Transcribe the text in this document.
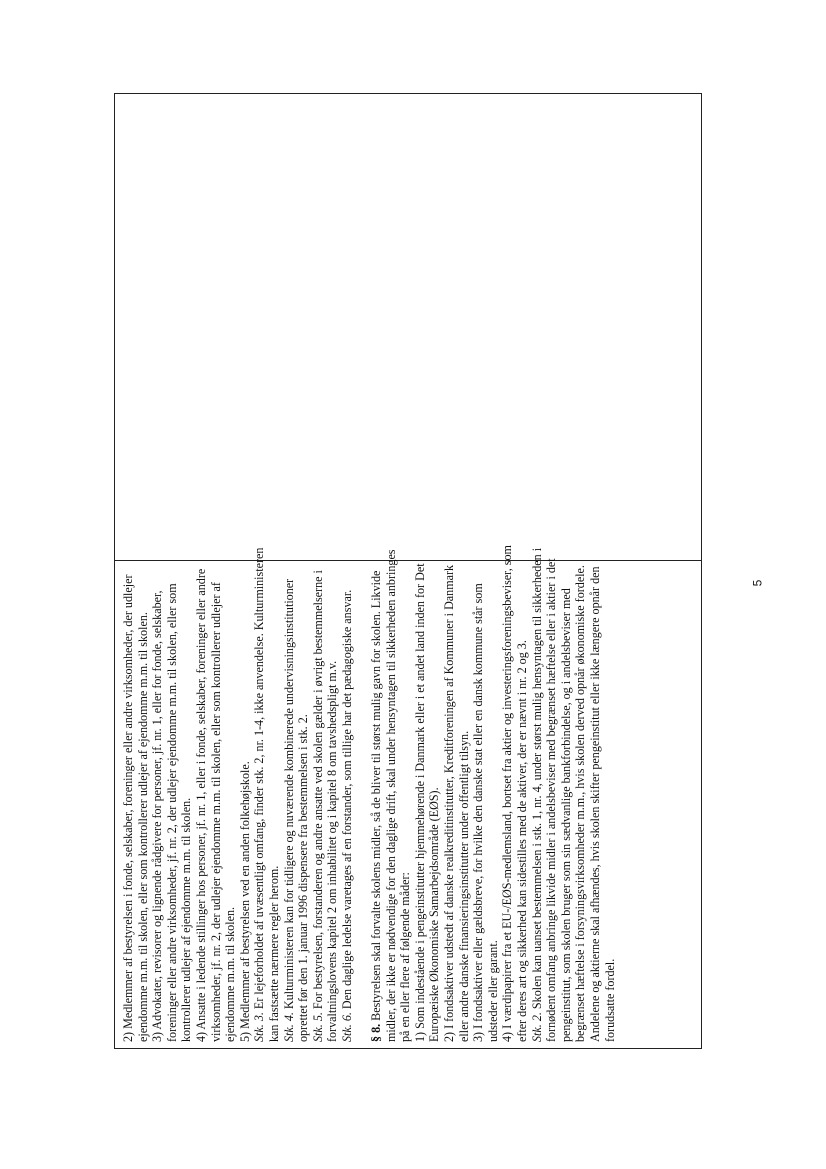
2) Medlemmer af bestyrelsen i fonde, selskaber, foreninger eller andre virksomheder, der udlejer ejendomme m.m. til skolen, eller som kontrollerer udlejer af ejendomme m.m. til skolen. 3) Advokater, revisorer og lignende rådgivere for personer, jf. nr. 1, eller for fonde, selskaber, foreninger eller andre virksomheder, jf. nr. 2, der udlejer ejendomme m.m. til skolen, eller som kontrollerer udlejer af ejendomme m.m. til skolen. 4) Ansatte i ledende stillinger hos personer, jf. nr. 1, eller i fonde, selskaber, foreninger eller andre virksomheder, jf. nr. 2, der udlejer ejendomme m.m. til skolen, eller som kontrollerer udlejer af ejendomme m.m. til skolen. 5) Medlemmer af bestyrelsen ved en anden folkehøjskole. Stk. 3. Er lejeforholdet af uvæsentligt omfang, finder stk. 2, nr. 1-4, ikke anvendelse. Kulturministeren kan fastsætte nærmere regler herom. Stk. 4. Kulturministeren kan for tidligere og nuværende kombinerede undervisningsinstitutioner oprettet før den 1. januar 1996 dispensere fra bestemmelsen i stk. 2. Stk. 5. For bestyrelsen, forstanderen og andre ansatte ved skolen gælder i øvrigt bestemmelserne i forvaltningslovens kapitel 2 om inhabilitet og i kapitel 8 om tavshedspligt m.v. Stk. 6. Den daglige ledelse varetages af en forstander, som tillige har det pædagogiske ansvar.

§ 8. Bestyrelsen skal forvalte skolens midler, så de bliver til størst mulig gavn for skolen. Likvide midler, der ikke er nødvendige for den daglige drift, skal under hensyntagen til sikkerheden anbringes på en eller flere af følgende måder: 1) Som indestående i pengeinstitutter hjemmehørende i Danmark eller i et andet land inden for Det Europæiske Økonomiske Samarbejdsområde (EØS). 2) I fondsaktiver udstedt af danske realkreditinstitutter, Kreditforeningen af Kommuner i Danmark eller andre danske finansieringsinstitutter under offentligt tilsyn. 3) I fondsaktiver eller gældsbreve, for hvilke den danske stat eller en dansk kommune står som udsteder eller garant. 4) I værdipapirer fra et EU-/EØS-medlemsland, bortset fra aktier og investeringsforeningsbeviser, som efter deres art og sikkerhed kan sidestilles med de aktiver, der er nævnt i nr. 2 og 3. Stk. 2. Skolen kan uanset bestemmelsen i stk. 1, nr. 4, under størst mulig hensyntagen til sikkerheden i fornødent omfang anbringe likvide midler i andelsbeviser med begrænset hæftelse eller i aktier i det pengeinstitut, som skolen bruger som sin sædvanlige bankforbindelse, og i andelsbeviser med begrænset hæftelse i forsyningsvirksomheder m.m., hvis skolen derved opnår økonomiske fordele. Andelene og aktierne skal afhændes, hvis skolen skifter pengeinstitut eller ikke længere opnår den forudsatte fordel.

5
